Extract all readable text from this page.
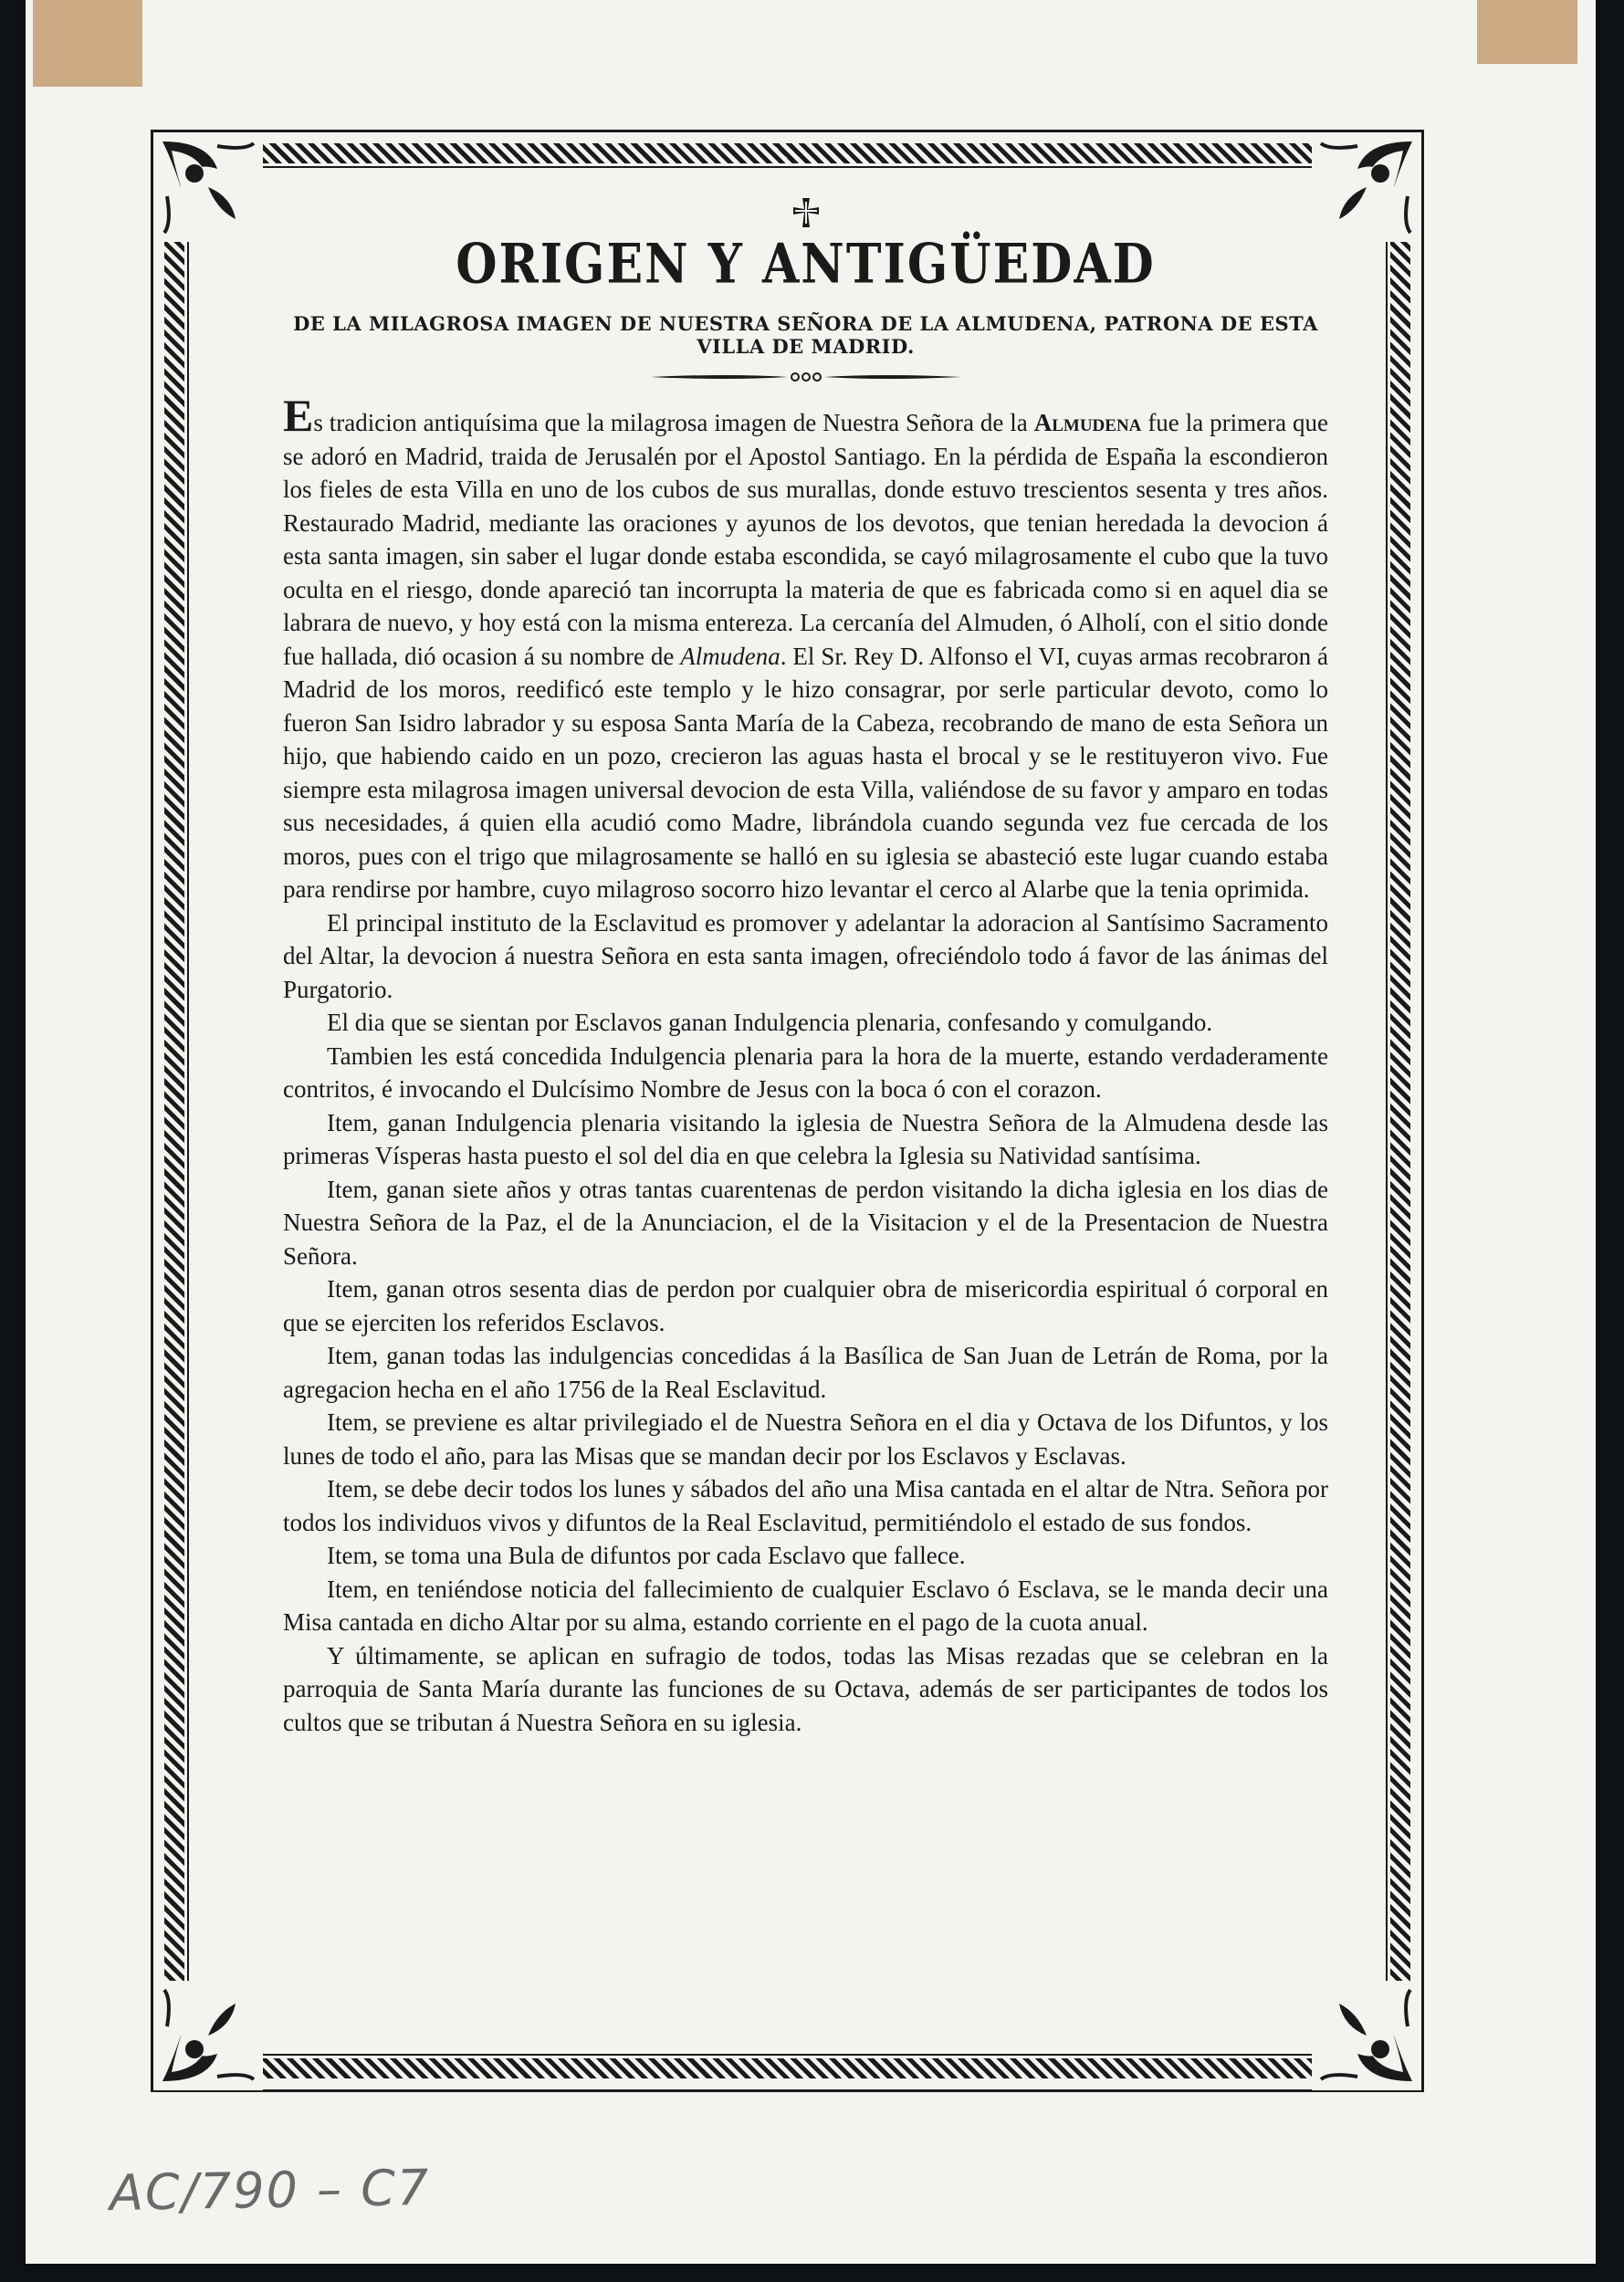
ORIGEN Y ANTIGÜEDAD
DE LA MILAGROSA IMAGEN DE NUESTRA SEÑORA DE LA ALMUDENA, PATRONA DE ESTA VILLA DE MADRID.

Es tradicion antiquísima que la milagrosa imagen de Nuestra Señora de la Almudena fue la primera que se adoró en Madrid, traida de Jerusalén por el Apostol Santiago. En la pérdida de España la escondieron los fieles de esta Villa en uno de los cubos de sus murallas, donde estuvo trescientos sesenta y tres años. Restaurado Madrid, mediante las oraciones y ayunos de los devotos, que tenian heredada la devocion á esta santa imagen, sin saber el lugar donde estaba escondida, se cayó milagrosamente el cubo que la tuvo oculta en el riesgo, donde apareció tan incorrupta la materia de que es fabricada como si en aquel dia se labrara de nuevo, y hoy está con la misma entereza. La cercanía del Almuden, ó Alholí, con el sitio donde fue hallada, dió ocasion á su nombre de Almudena. El Sr. Rey D. Alfonso el VI, cuyas armas recobraron á Madrid de los moros, reedificó este templo y le hizo consagrar, por serle particular devoto, como lo fueron San Isidro labrador y su esposa Santa María de la Cabeza, recobrando de mano de esta Señora un hijo, que habiendo caido en un pozo, crecieron las aguas hasta el brocal y se le restituyeron vivo. Fue siempre esta milagrosa imagen universal devocion de esta Villa, valiéndose de su favor y amparo en todas sus necesidades, á quien ella acudió como Madre, librándola cuando segunda vez fue cercada de los moros, pues con el trigo que milagrosamente se halló en su iglesia se abasteció este lugar cuando estaba para rendirse por hambre, cuyo milagroso socorro hizo levantar el cerco al Alarbe que la tenia oprimida.

El principal instituto de la Esclavitud es promover y adelantar la adoracion al Santísimo Sacramento del Altar, la devocion á nuestra Señora en esta santa imagen, ofreciéndolo todo á favor de las ánimas del Purgatorio.

El dia que se sientan por Esclavos ganan Indulgencia plenaria, confesando y comulgando.

Tambien les está concedida Indulgencia plenaria para la hora de la muerte, estando verdaderamente contritos, é invocando el Dulcísimo Nombre de Jesus con la boca ó con el corazon.

Item, ganan Indulgencia plenaria visitando la iglesia de Nuestra Señora de la Almudena desde las primeras Vísperas hasta puesto el sol del dia en que celebra la Iglesia su Natividad santísima.

Item, ganan siete años y otras tantas cuarentenas de perdon visitando la dicha iglesia en los dias de Nuestra Señora de la Paz, el de la Anunciacion, el de la Visitacion y el de la Presentacion de Nuestra Señora.

Item, ganan otros sesenta dias de perdon por cualquier obra de misericordia espiritual ó corporal en que se ejerciten los referidos Esclavos.

Item, ganan todas las indulgencias concedidas á la Basílica de San Juan de Letrán de Roma, por la agregacion hecha en el año 1756 de la Real Esclavitud.

Item, se previene es altar privilegiado el de Nuestra Señora en el dia y Octava de los Difuntos, y los lunes de todo el año, para las Misas que se mandan decir por los Esclavos y Esclavas.

Item, se debe decir todos los lunes y sábados del año una Misa cantada en el altar de Ntra. Señora por todos los individuos vivos y difuntos de la Real Esclavitud, permitiéndolo el estado de sus fondos.

Item, se toma una Bula de difuntos por cada Esclavo que fallece.

Item, en teniéndose noticia del fallecimiento de cualquier Esclavo ó Esclava, se le manda decir una Misa cantada en dicho Altar por su alma, estando corriente en el pago de la cuota anual.

Y últimamente, se aplican en sufragio de todos, todas las Misas rezadas que se celebran en la parroquia de Santa María durante las funciones de su Octava, además de ser participantes de todos los cultos que se tributan á Nuestra Señora en su iglesia.

AC/790 – C7
